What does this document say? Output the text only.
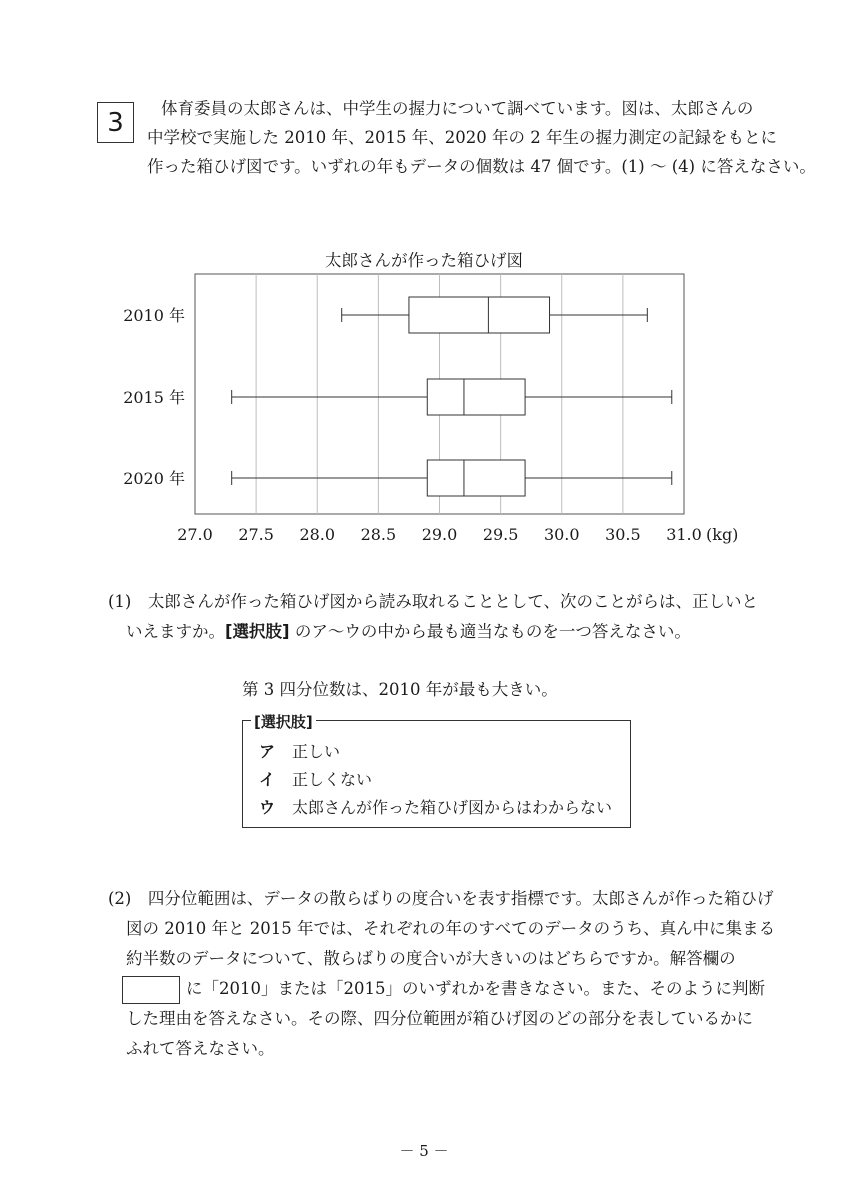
3	体育委員の太郎さんは、中学生の握力について調べています。図は、太郎さんの
中学校で実施した 2010 年、2015 年、2020 年の 2 年生の握力測定の記録をもとに
作った箱ひげ図です。いずれの年もデータの個数は 47 個です。(1) ～ (4) に答えなさい。
太郎さんが作った箱ひげ図
27.0 27.5 28.0 28.5 29.0 29.5 30.0 30.5 31.0 (kg)
2010 年
2015 年
2020 年
(1)　太郎さんが作った箱ひげ図から読み取れることとして、次のことがらは、正しいと
いえますか。[選択肢] のア～ウの中から最も適当なものを一つ答えなさい。
第 3 四分位数は、2010 年が最も大きい。
[選択肢]
ア 正しい
イ 正しくない
ウ 太郎さんが作った箱ひげ図からはわからない
(2)　四分位範囲は、データの散らばりの度合いを表す指標です。太郎さんが作った箱ひげ
図の 2010 年と 2015 年では、それぞれの年のすべてのデータのうち、真ん中に集まる
約半数のデータについて、散らばりの度合いが大きいのはどちらですか。解答欄の
に「2010」または「2015」のいずれかを書きなさい。また、そのように判断
した理由を答えなさい。その際、四分位範囲が箱ひげ図のどの部分を表しているかに
ふれて答えなさい。
－ 5 －
